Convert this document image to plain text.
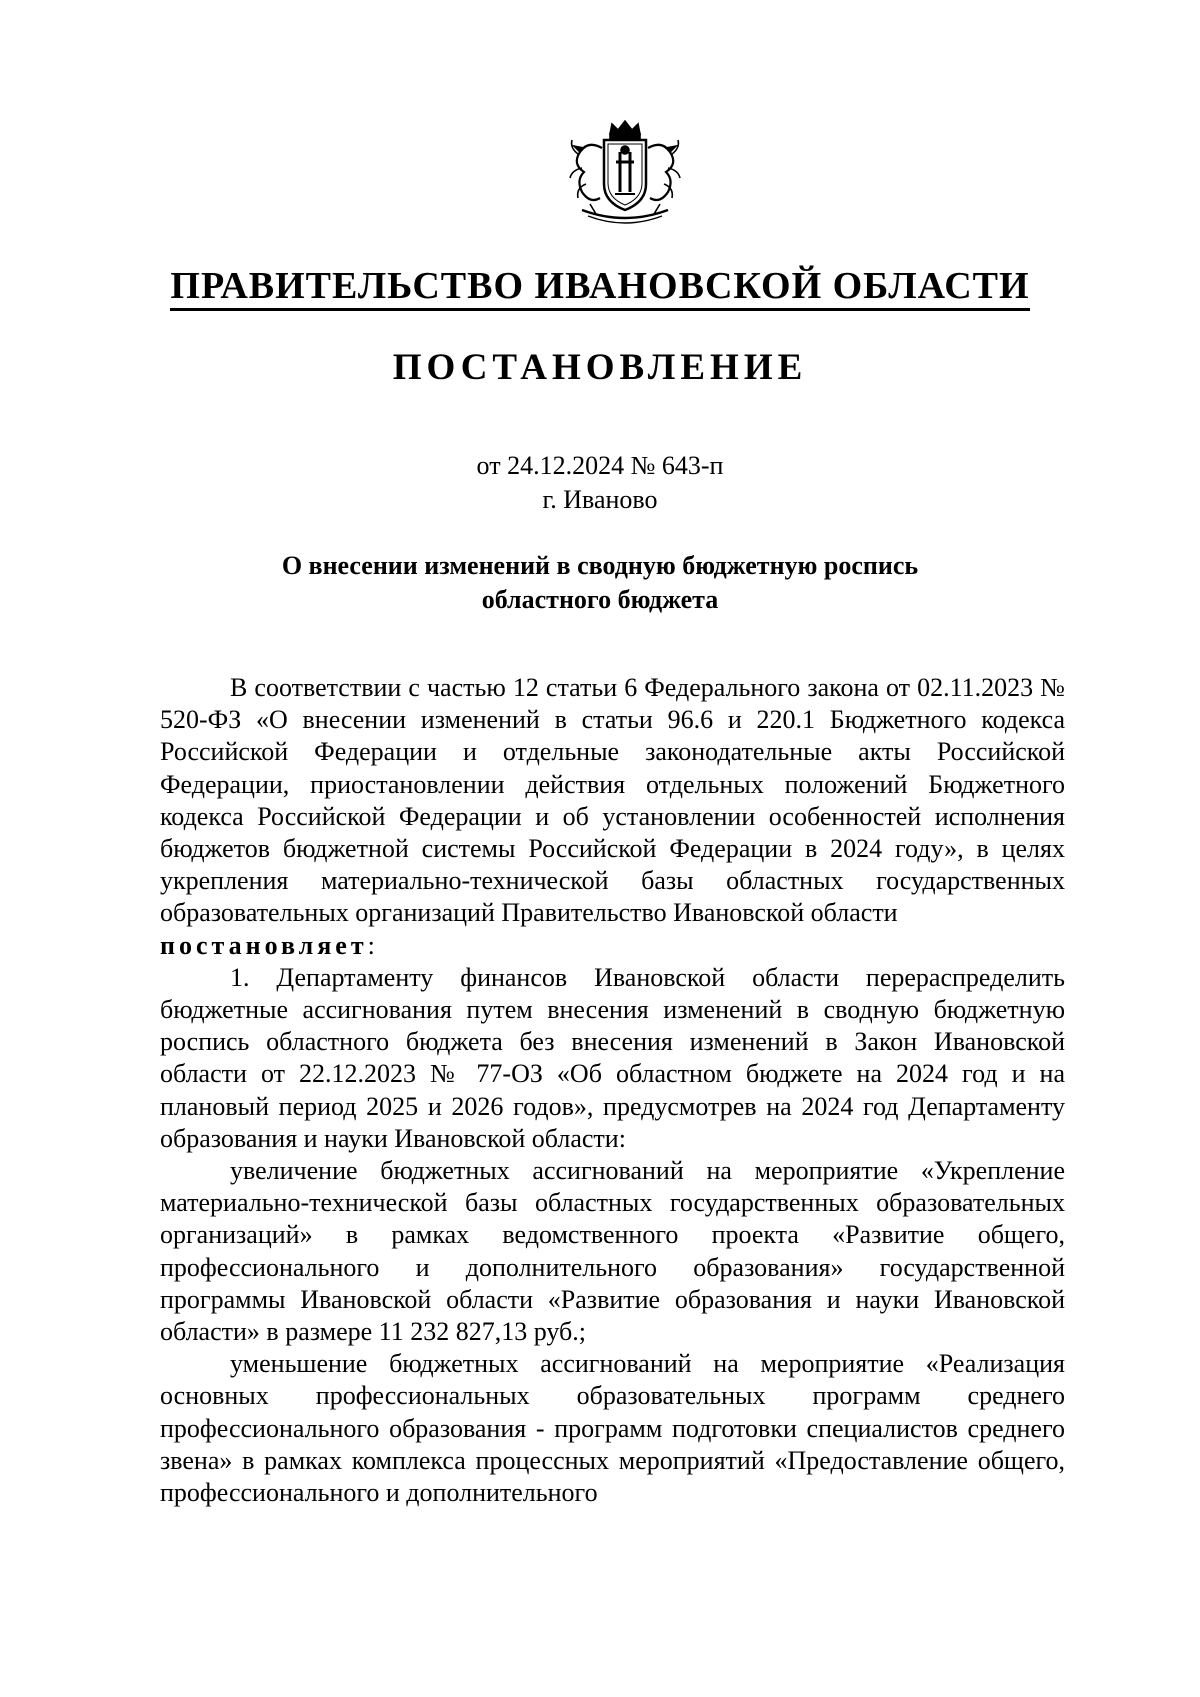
ПРАВИТЕЛЬСТВО ИВАНОВСКОЙ ОБЛАСТИ
ПОСТАНОВЛЕНИЕ
от 24.12.2024 № 643-п
г. Иваново
О внесении изменений в сводную бюджетную роспись
областного бюджета

В соответствии с частью 12 статьи 6 Федерального закона от 02.11.2023 № 520-ФЗ «О внесении изменений в статьи 96.6 и 220.1 Бюджетного кодекса Российской Федерации и отдельные законодательные акты Российской Федерации, приостановлении действия отдельных положений Бюджетного кодекса Российской Федерации и об установлении особенностей исполнения бюджетов бюджетной системы Российской Федерации в 2024 году», в целях укрепления материально-технической базы областных государственных образовательных организаций Правительство Ивановской области

постановляет:

1. Департаменту финансов Ивановской области перераспределить бюджетные ассигнования путем внесения изменений в сводную бюджетную роспись областного бюджета без внесения изменений в Закон Ивановской области от 22.12.2023 № 77-ОЗ «Об областном бюджете на 2024 год и на плановый период 2025 и 2026 годов», предусмотрев на 2024 год Департаменту образования и науки Ивановской области:

увеличение бюджетных ассигнований на мероприятие «Укрепление материально-технической базы областных государственных образовательных организаций» в рамках ведомственного проекта «Развитие общего, профессионального и дополнительного образования» государственной программы Ивановской области «Развитие образования и науки Ивановской области» в размере 11 232 827,13 руб.;

уменьшение бюджетных ассигнований на мероприятие «Реализация основных профессиональных образовательных программ среднего профессионального образования - программ подготовки специалистов среднего звена» в рамках комплекса процессных мероприятий «Предоставление общего, профессионального и дополнительного
